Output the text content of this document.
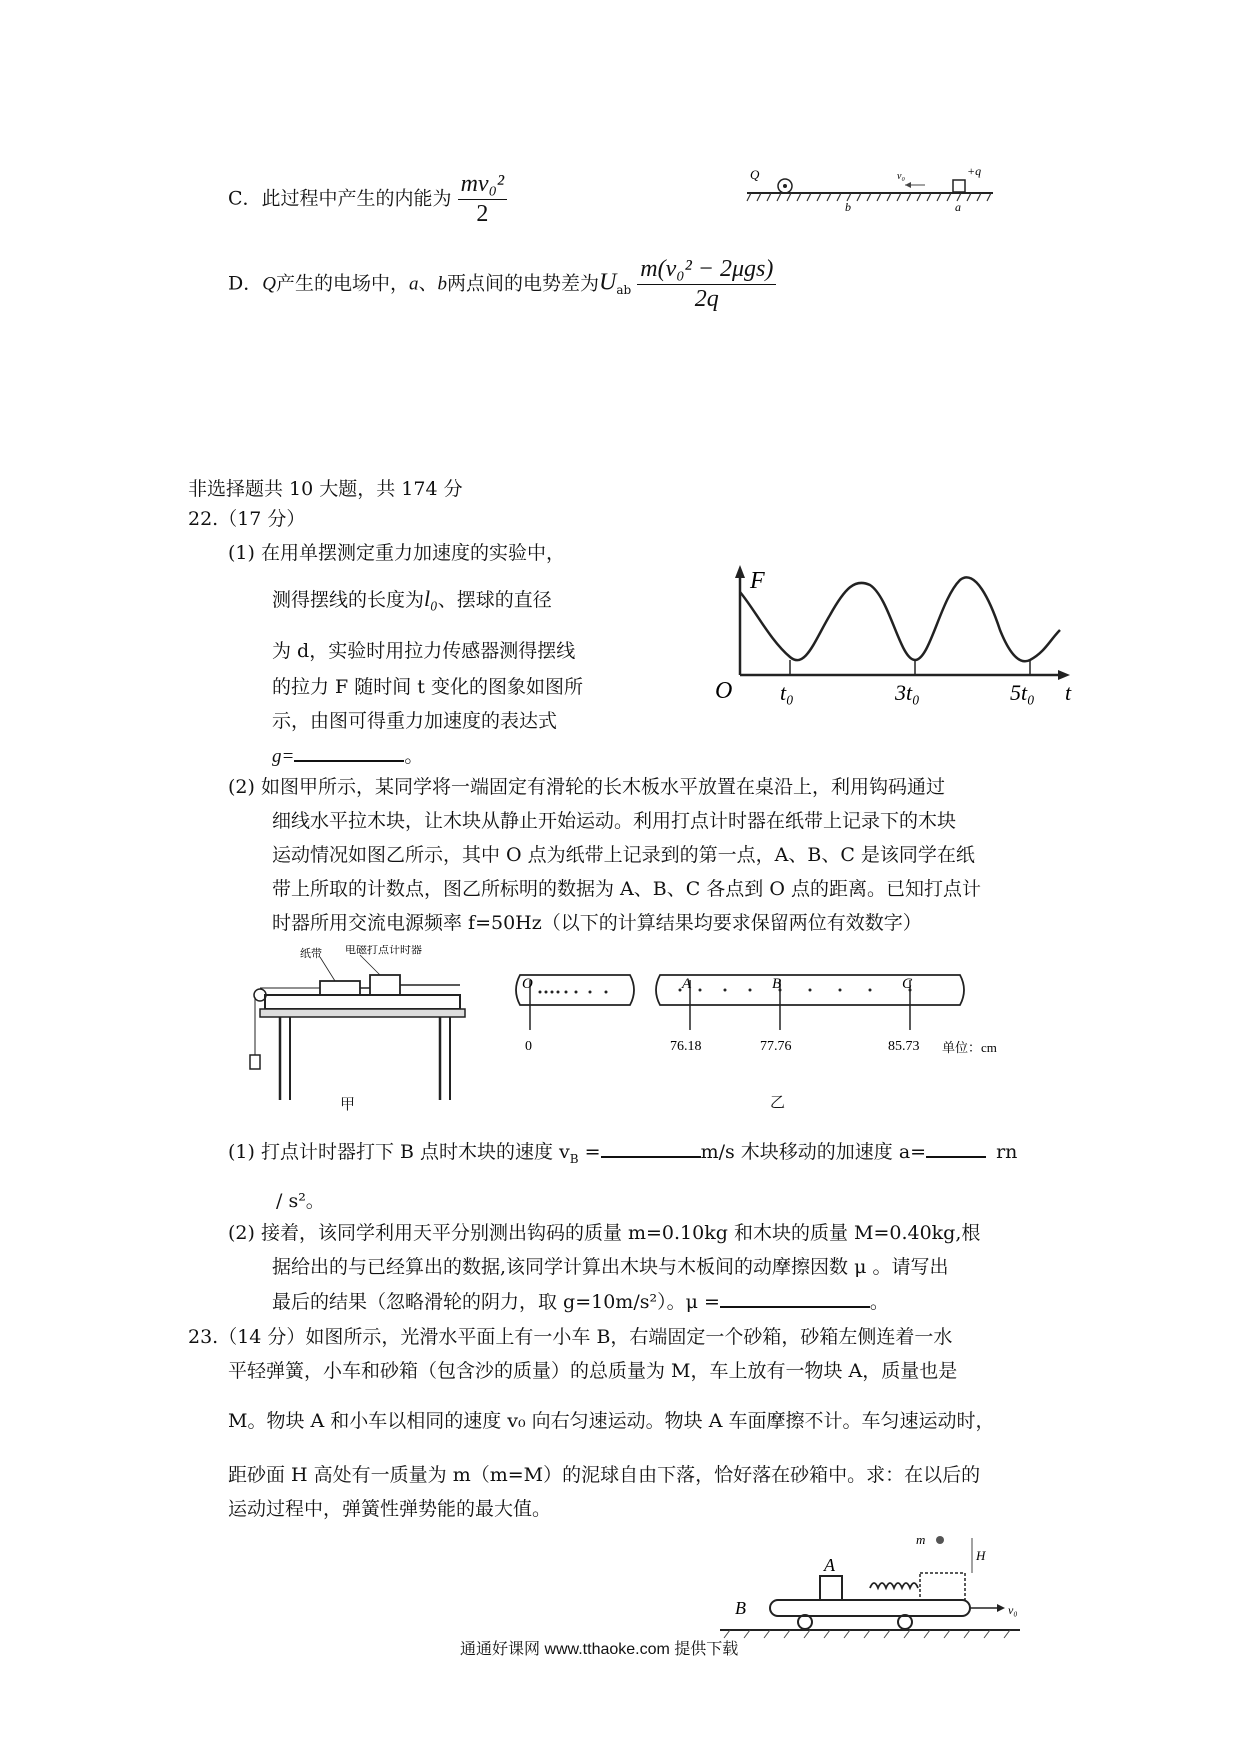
C．此过程中产生的内能为 $\frac{\text{mv₀²}}{2}$	Q
b	a
+q
v₀
D．Q产生的电场中，a、b两点间的电势差为$U_{ab} \frac{\text{m(v₀² − 2μgs)}}{2q}$
非选择题共 10 大题，共 174 分
22.（17 分）
(1) 在用单摆测定重力加速度的实验中，
测得摆线的长度为l₀、摆球的直径
为 d，实验时用拉力传感器测得摆线
的拉力 F 随时间 t 变化的图象如图所
示，由图可得重力加速度的表达式
g=	。
F
O	t
t₀	3t₀	5t₀
(2) 如图甲所示，某同学将一端固定有滑轮的长木板水平放置在桌沿上，利用钩码通过
细线水平拉木块，让木块从静止开始运动。利用打点计时器在纸带上记录下的木块
运动情况如图乙所示，其中 O 点为纸带上记录到的第一点，A、B、C 是该同学在纸
带上所取的计数点，图乙所标明的数据为 A、B、C 各点到 O 点的距离。已知打点计
时器所用交流电源频率 f=50Hz（以下的计算结果均要求保留两位有效数字）
纸带 电磁打点计时器
甲
O	A	B	C
0	76.18	77.76	85.73 单位：cm
乙
(1) 打点计时器打下 B 点时木块的速度 $v_B$ =	m/s 木块移动的加速度 a=	rn
/ s²。
(2) 接着，该同学利用天平分别测出钩码的质量 m=0.10kg 和木块的质量 M=0.40kg,根
据给出的与已经算出的数据,该同学计算出木块与木板间的动摩擦因数 μ 。请写出
最后的结果（忽略滑轮的阴力，取 g=10m/s²）。μ =	。
23.（14 分）如图所示，光滑水平面上有一小车 B，右端固定一个砂箱，砂箱左侧连着一水
平轻弹簧，小车和砂箱（包含沙的质量）的总质量为 M，车上放有一物块 A，质量也是
M。物块 A 和小车以相同的速度 v₀ 向右匀速运动。物块 A 车面摩擦不计。车匀速运动时，
距砂面 H 高处有一质量为 m（m=M）的泥球自由下落，恰好落在砂箱中。求：在以后的
运动过程中，弹簧性弹势能的最大值。
A
B
m
H
v₀
通通好课网 www.tthaoke.com 提供下载
